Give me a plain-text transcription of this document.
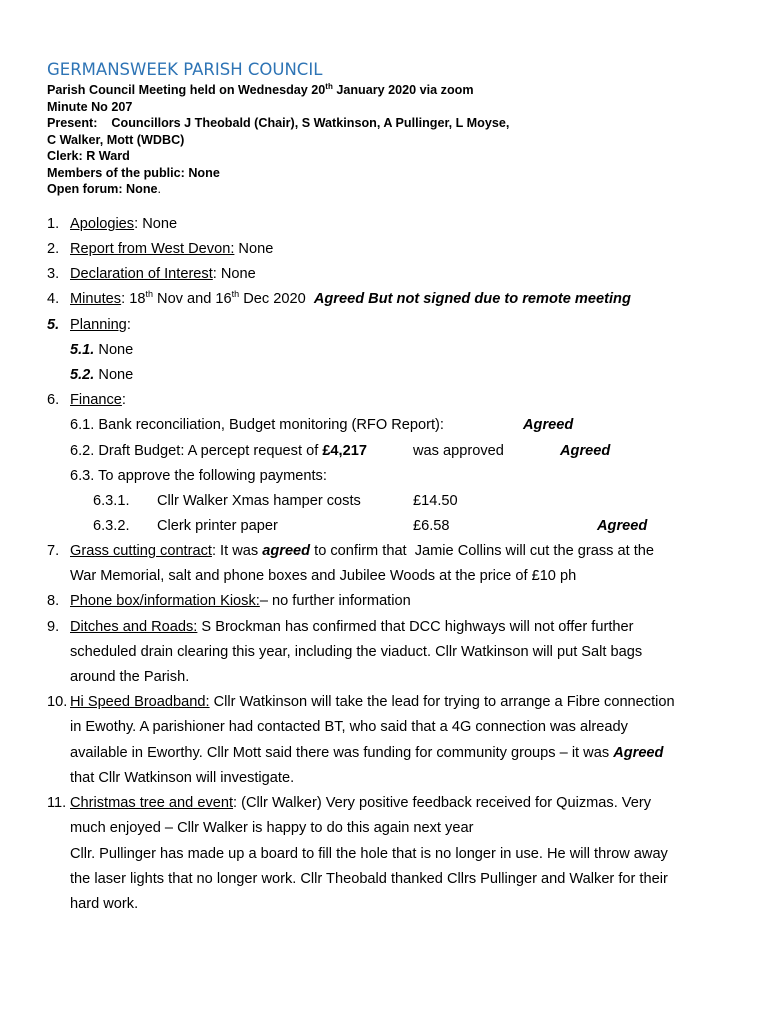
GERMANSWEEK PARISH COUNCIL
Parish Council Meeting held on Wednesday 20th January 2020 via zoom
Minute No 207
Present: Councillors J Theobald (Chair), S Watkinson, A Pullinger, L Moyse,
C Walker, Mott (WDBC)
Clerk: R Ward
Members of the public: None
Open forum: None.
1. Apologies: None
2. Report from West Devon: None
3. Declaration of Interest: None
4. Minutes: 18th Nov and 16th Dec 2020  Agreed But not signed due to remote meeting
5. Planning:
5.1. None
5.2. None
6. Finance:
6.1. Bank reconciliation, Budget monitoring (RFO Report):	Agreed
6.2. Draft Budget: A percept request of £4,217	was approved	Agreed
6.3. To approve the following payments:
6.3.1. Cllr Walker Xmas hamper costs	£14.50
6.3.2. Clerk printer paper	£6.58	Agreed
7. Grass cutting contract: It was agreed to confirm that  Jamie Collins will cut the grass at the
War Memorial, salt and phone boxes and Jubilee Woods at the price of £10 ph
8. Phone box/information Kiosk:– no further information
9. Ditches and Roads: S Brockman has confirmed that DCC highways will not offer further
scheduled drain clearing this year, including the viaduct. Cllr Watkinson will put Salt bags
around the Parish.
10. Hi Speed Broadband: Cllr Watkinson will take the lead for trying to arrange a Fibre connection
in Ewothy. A parishioner had contacted BT, who said that a 4G connection was already
available in Eworthy. Cllr Mott said there was funding for community groups – it was Agreed
that Cllr Watkinson will investigate.
11. Christmas tree and event: (Cllr Walker) Very positive feedback received for Quizmas. Very
much enjoyed – Cllr Walker is happy to do this again next year
Cllr. Pullinger has made up a board to fill the hole that is no longer in use. He will throw away
the laser lights that no longer work. Cllr Theobald thanked Cllrs Pullinger and Walker for their
hard work.
